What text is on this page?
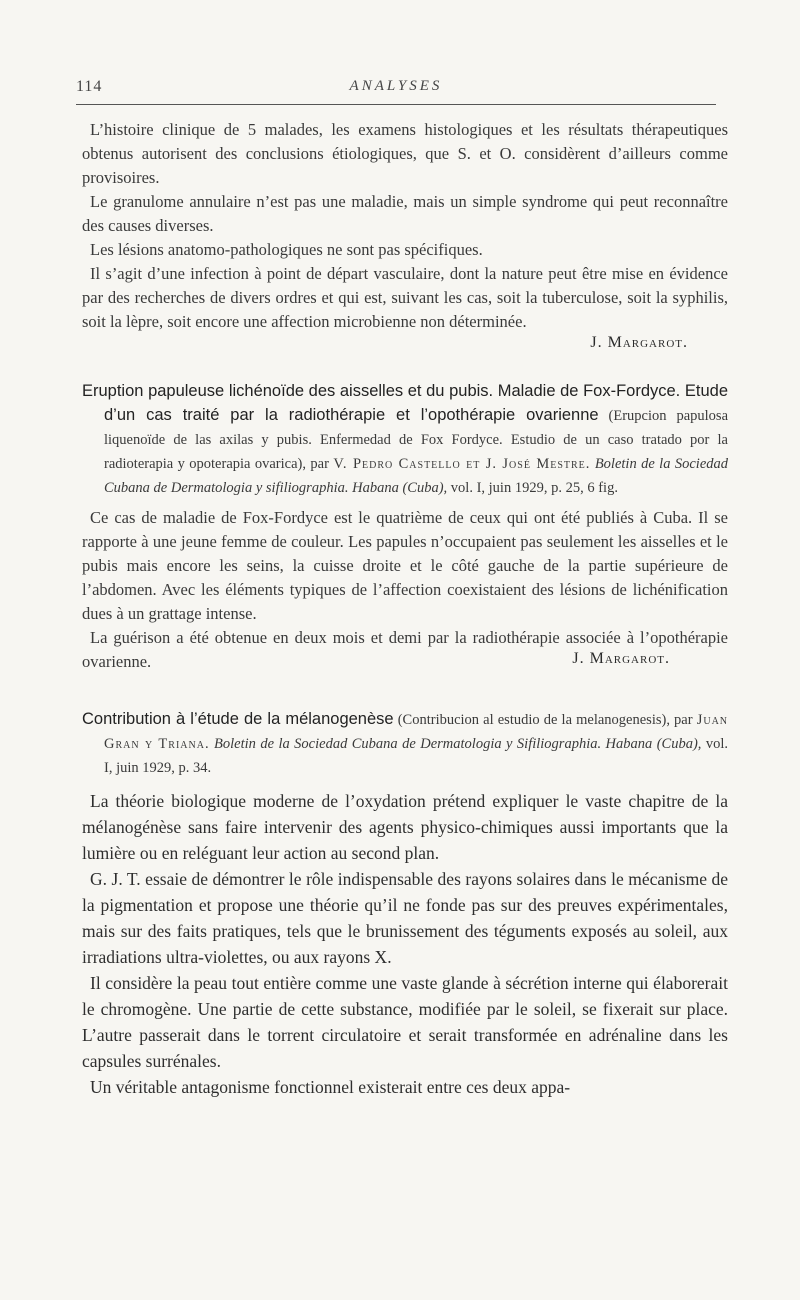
114	ANALYSES

L’histoire clinique de 5 malades, les examens histologiques et les résultats thérapeutiques obtenus autorisent des conclusions étiologiques, que S. et O. considèrent d’ailleurs comme provisoires.

Le granulome annulaire n’est pas une maladie, mais un simple syndrome qui peut reconnaître des causes diverses.

Les lésions anatomo-pathologiques ne sont pas spécifiques.

Il s’agit d’une infection à point de départ vasculaire, dont la nature peut être mise en évidence par des recherches de divers ordres et qui est, suivant les cas, soit la tuberculose, soit la syphilis, soit la lèpre, soit encore une affection microbienne non déterminée.

J. Margarot.

Eruption papuleuse lichénoïde des aisselles et du pubis. Maladie de Fox-Fordyce. Etude d’un cas traité par la radiothérapie et l’opothérapie ovarienne (Erupcion papulosa liquenoïde de las axilas y pubis. Enfermedad de Fox Fordyce. Estudio de un caso tratado por la radioterapia y opoterapia ovarica), par V. Pedro Castello et J. José Mestre. Boletin de la Sociedad Cubana de Dermatologia y sifiliographia. Habana (Cuba), vol. I, juin 1929, p. 25, 6 fig.

Ce cas de maladie de Fox-Fordyce est le quatrième de ceux qui ont été publiés à Cuba. Il se rapporte à une jeune femme de couleur. Les papules n’occupaient pas seulement les aisselles et le pubis mais encore les seins, la cuisse droite et le côté gauche de la partie supérieure de l’abdomen. Avec les éléments typiques de l’affection coexistaient des lésions de lichénification dues à un grattage intense.

La guérison a été obtenue en deux mois et demi par la radiothérapie associée à l’opothérapie ovarienne.	J. Margarot.

Contribution à l’étude de la mélanogenèse (Contribucion al estudio de la melanogenesis), par Juan Gran y Triana. Boletin de la Sociedad Cubana de Dermatologia y Sifiliographia. Habana (Cuba), vol. I, juin 1929, p. 34.

La théorie biologique moderne de l’oxydation prétend expliquer le vaste chapitre de la mélanogénèse sans faire intervenir des agents physico-chimiques aussi importants que la lumière ou en reléguant leur action au second plan.

G. J. T. essaie de démontrer le rôle indispensable des rayons solaires dans le mécanisme de la pigmentation et propose une théorie qu’il ne fonde pas sur des preuves expérimentales, mais sur des faits pratiques, tels que le brunissement des téguments exposés au soleil, aux irradiations ultra-violettes, ou aux rayons X.

Il considère la peau tout entière comme une vaste glande à sécrétion interne qui élaborerait le chromogène. Une partie de cette substance, modifiée par le soleil, se fixerait sur place. L’autre passerait dans le torrent circulatoire et serait transformée en adrénaline dans les capsules surrénales.

Un véritable antagonisme fonctionnel existerait entre ces deux appa-
